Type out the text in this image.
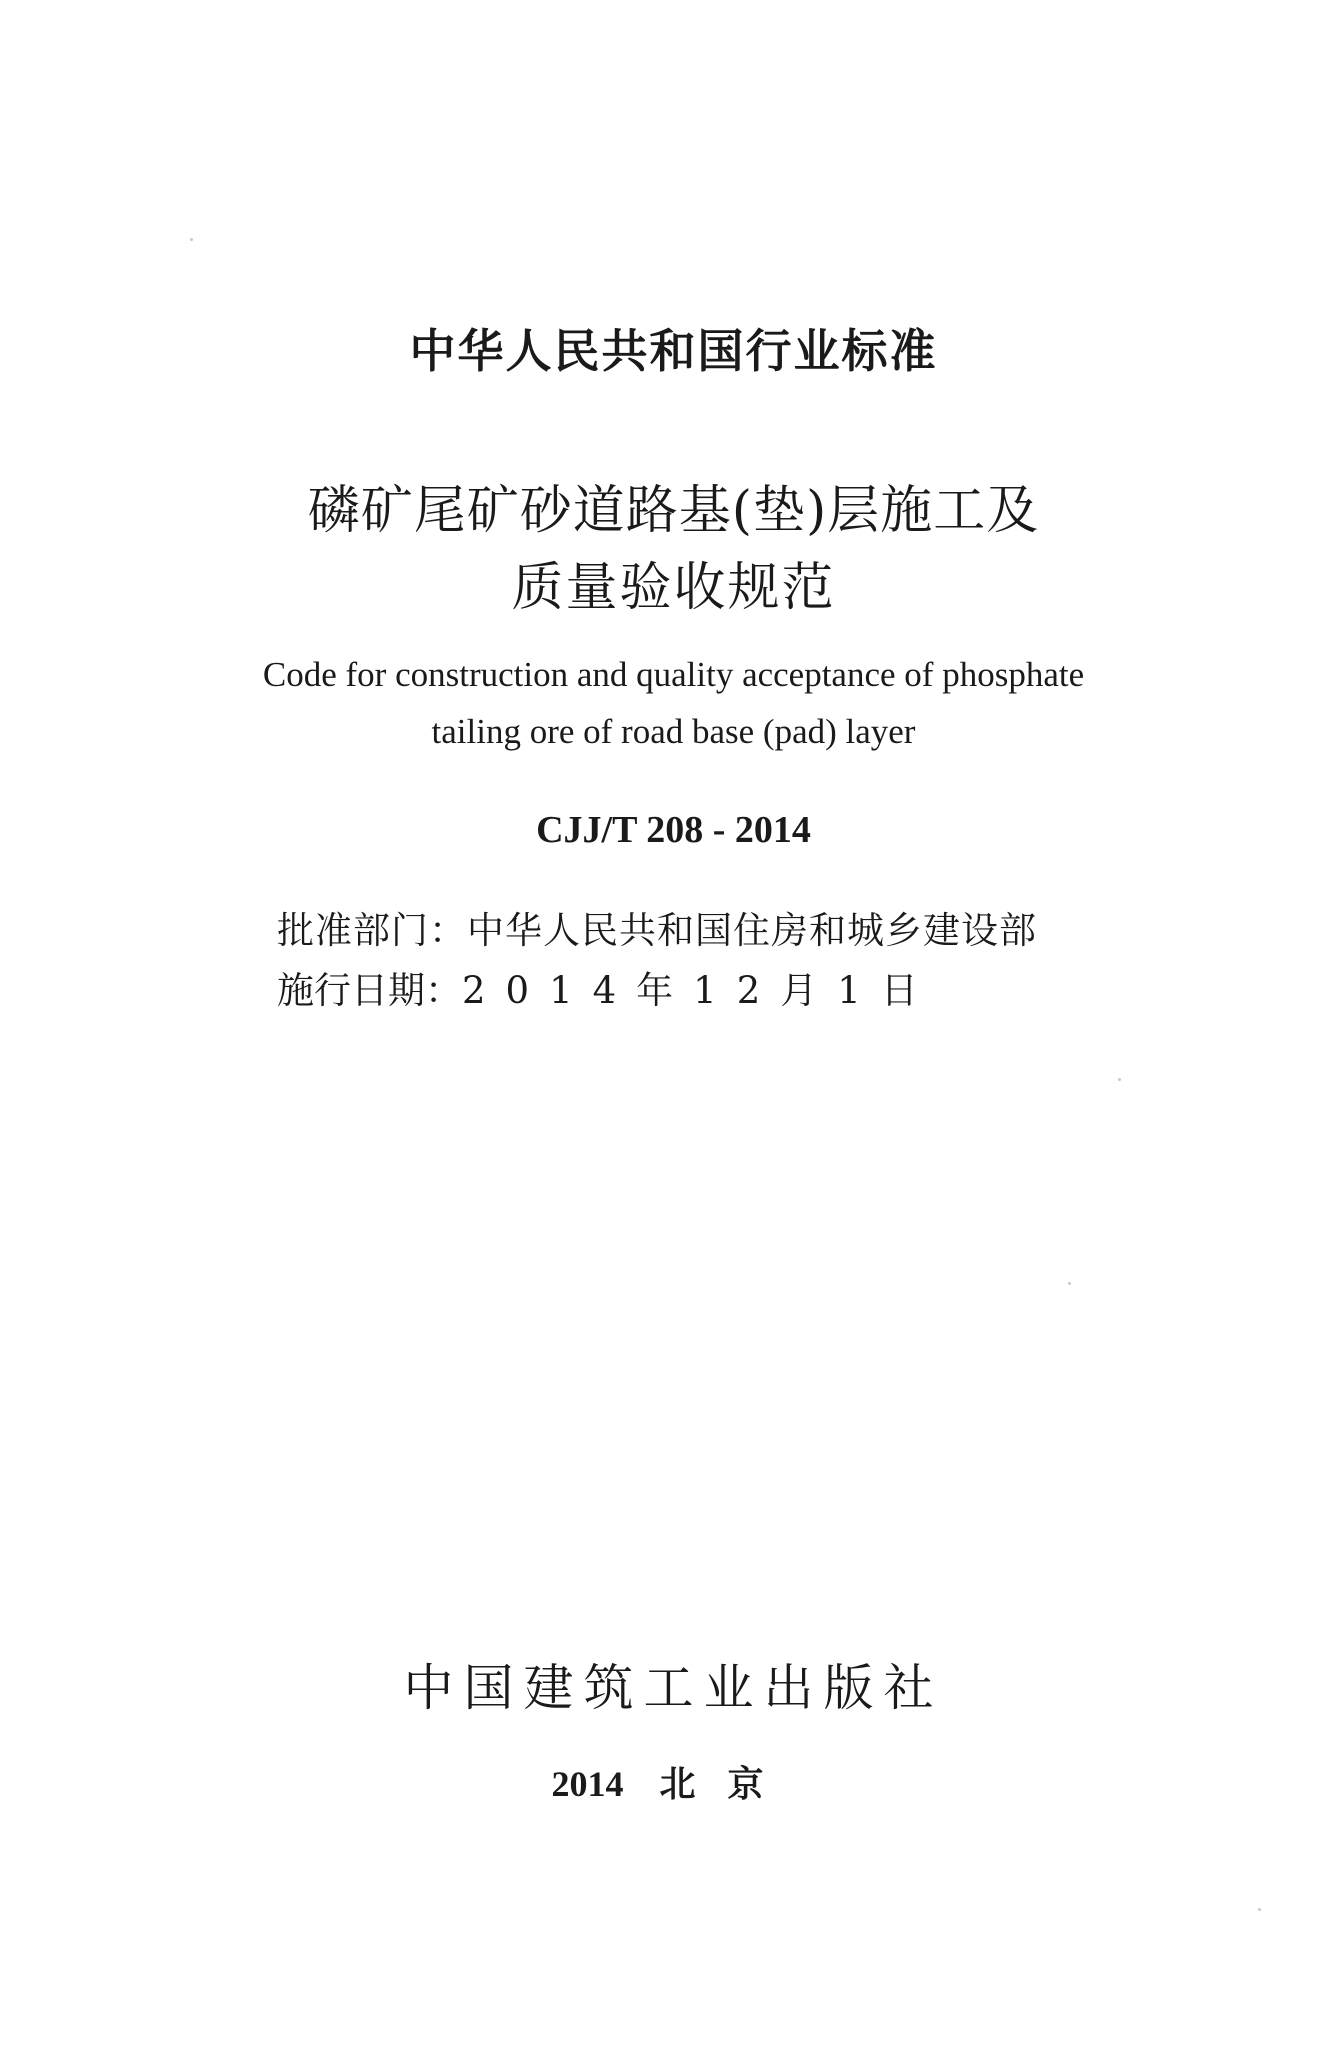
中华人民共和国行业标准
磷矿尾矿砂道路基(垫)层施工及
质量验收规范
Code for construction and quality acceptance of phosphate
tailing ore of road base (pad) layer
CJJ/T 208 - 2014
批准部门：中华人民共和国住房和城乡建设部
施行日期：2014年12月1日
中国建筑工业出版社
2014 北京
